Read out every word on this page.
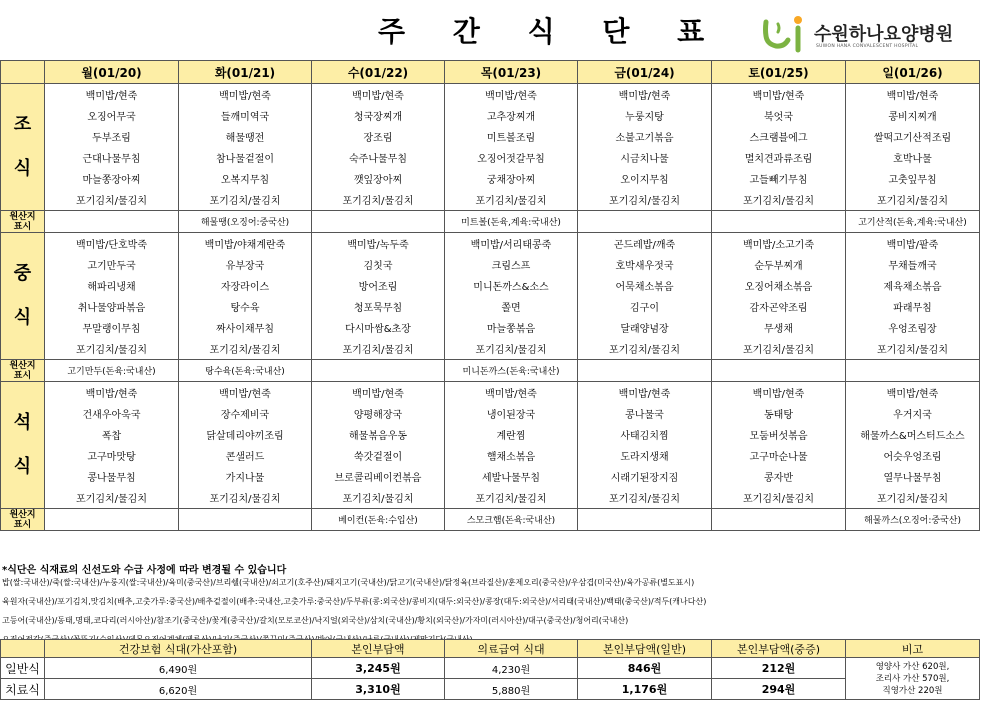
주 간 식 단 표	수원하나요양병원
SUWON HANA CONVALESCENT HOSPITAL
	월(01/20)	화(01/21)	수(01/22)	목(01/23)	금(01/24)	토(01/25)	일(01/26)
조
식	백미밥/현죽	백미밥/현죽	백미밥/현죽	백미밥/현죽	백미밥/현죽	백미밥/현죽	백미밥/현죽
	오징어무국	들깨미역국	청국장찌개	고추장찌개	누룽지탕	북엇국	콩비지찌개
	두부조림	해물땡전	장조림	미트볼조림	소불고기볶음	스크램블에그	쌀떡고기산적조림
	근대나물무침	참나물겉절이	숙주나물무침	오징어젓갈무침	시금치나물	멸치견과류조림	호박나물
	마늘쫑장아찌	오복지무침	깻잎장아찌	궁채장아찌	오이지무침	고들빼기무침	고춧잎무침
	포기김치/물김치	포기김치/물김치	포기김치/물김치	포기김치/물김치	포기김치/물김치	포기김치/물김치	포기김치/물김치
원산지
표시		해물땡(오징어:중국산)		미트볼(돈육,계육:국내산)			고기산적(돈육,계육:국내산)
중
식	백미밥/단호박죽	백미밥/야채계란죽	백미밥/녹두죽	백미밥/서리태콩죽	곤드레밥/깨죽	백미밥/소고기죽	백미밥/팥죽
	고기만두국	유부장국	김칫국	크림스프	호박새우젓국	순두부찌개	무채들깨국
	해파리냉채	자장라이스	방어조림	미니돈까스&소스	어묵채소볶음	오징어채소볶음	제육채소볶음
	취나물양파볶음	탕수육	청포묵무침	쫄면	김구이	감자곤약조림	파래무침
	무말랭이무침	짜사이채무침	다시마쌈&초장	마늘쫑볶음	달래양념장	무생채	우엉조림장
	포기김치/물김치	포기김치/물김치	포기김치/물김치	포기김치/물김치	포기김치/물김치	포기김치/물김치	포기김치/물김치
원산지
표시	고기만두(돈육:국내산)	탕수육(돈육:국내산)		미니돈까스(돈육:국내산)			
석
식	백미밥/현죽	백미밥/현죽	백미밥/현죽	백미밥/현죽	백미밥/현죽	백미밥/현죽	백미밥/현죽
	건새우아욱국	장수제비국	양평해장국	냉이된장국	콩나물국	동태탕	우거지국
	폭찹	닭살데리야끼조림	해물볶음우동	계란찜	사태김치찜	모둠버섯볶음	해물까스&머스터드소스
	고구마맛탕	콘샐러드	쑥갓겉절이	햄채소볶음	도라지생채	고구마순나물	어슷우엉조림
	콩나물무침	가지나물	브로콜리베이컨볶음	세발나물무침	시래기된장지짐	콩자반	열무나물무침
	포기김치/물김치	포기김치/물김치	포기김치/물김치	포기김치/물김치	포기김치/물김치	포기김치/물김치	포기김치/물김치
원산지
표시			베이컨(돈육:수입산)	스모크햄(돈육:국내산)			해물까스(오징어:중국산)
*식단은 식재료의 신선도와 수급 사정에 따라 변경될 수 있습니다
밥(쌀:국내산)/죽(쌀:국내산)/누룽지(쌀:국내산)/육미(중국산)/브리쉘(국내산)/쇠고기(호주산)/돼지고기(국내산)/닭고기(국내산)/닭정육(브라질산)/훈제오리(중국산)/우삼겹(미국산)/육가공류(별도표시)
육원자(국내산)/포기김치,맛김치(배추,고춧가루:중국산)/배추겉절이(배추:국내산,고춧가루:중국산)/두부류(콩:외국산)/콩비지(대두:외국산)/콩장(대두:외국산)/서리태(국내산)/백태(중국산)/적두(캐나다산)
고등어(국내산)/동태,명태,코다리(러시아산)/참조기(중국산)/꽃게(중국산)/갈치(모로코산)/낙지얼(외국산)/삼치(국내산)/황치(외국산)/가자미(러시아산)/대구(중국산)/청어리(국내산)
	건강보험 식대(가산포함)	본인부담액	의료급여 식대	본인부담액(일반)	본인부담액(중증)	비고
일반식	6,490원	3,245원	4,230원	846원	212원	영양사 가산 620원,
조리사 가산 570원,
직영가산 220원

치료식	6,620원	3,310원	5,880원	1,176원	294원	
